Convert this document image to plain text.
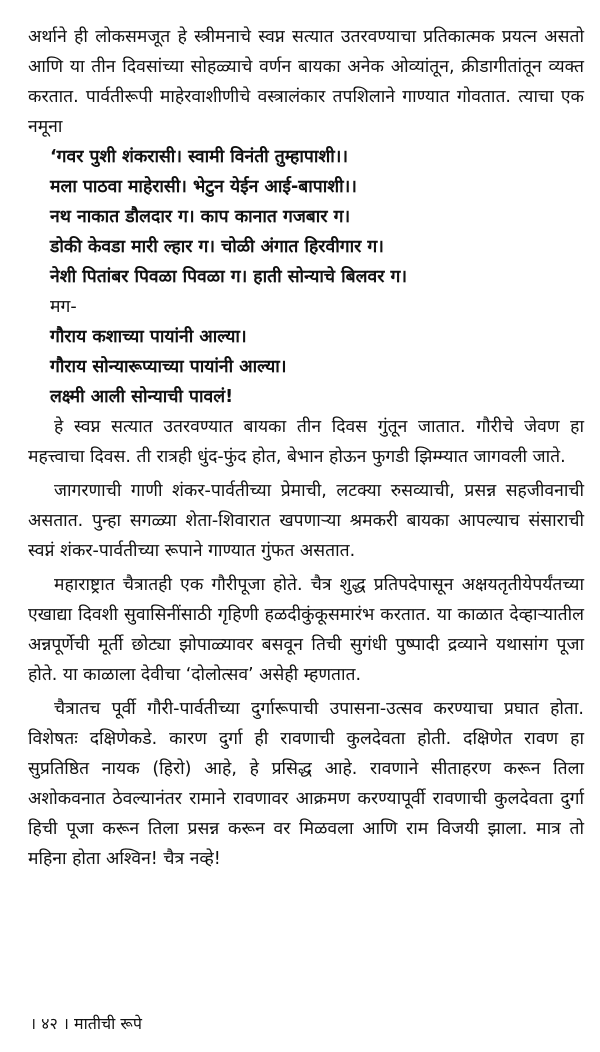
अर्थाने ही लोकसमजूत हे स्त्रीमनाचे स्वप्न सत्यात उतरवण्याचा प्रतिकात्मक प्रयत्न असतो आणि या तीन दिवसांच्या सोहळ्याचे वर्णन बायका अनेक ओव्यांतून, क्रीडागीतांतून व्यक्त करतात. पार्वतीरूपी माहेरवाशीणीचे वस्त्रालंकार तपशिलाने गाण्यात गोवतात. त्याचा एक नमूना

‘गवर पुशी शंकरासी। स्वामी विनंती तुम्हापाशी।।

मला पाठवा माहेरासी। भेटुन येईन आई-बापाशी।।

नथ नाकात डौलदार ग। काप कानात गजबार ग।

डोकी केवडा मारी ल्हार ग। चोळी अंगात हिरवीगार ग।

नेशी पितांबर पिवळा पिवळा ग। हाती सोन्याचे बिलवर ग।

मग-

गौराय कशाच्या पायांनी आल्या।

गौराय सोन्यारूप्याच्या पायांनी आल्या।

लक्ष्मी आली सोन्याची पावलं!

हे स्वप्न सत्यात उतरवण्यात बायका तीन दिवस गुंतून जातात. गौरीचे जेवण हा महत्त्वाचा दिवस. ती रात्रही धुंद-फुंद होत, बेभान होऊन फुगडी झिम्म्यात जागवली जाते.

जागरणाची गाणी शंकर-पार्वतीच्या प्रेमाची, लटक्या रुसव्याची, प्रसन्न सहजीवनाची असतात. पुन्हा सगळ्या शेता-शिवारात खपणाऱ्या श्रमकरी बायका आपल्याच संसाराची स्वप्नं शंकर-पार्वतीच्या रूपाने गाण्यात गुंफत असतात.

महाराष्ट्रात चैत्रातही एक गौरीपूजा होते. चैत्र शुद्ध प्रतिपदेपासून अक्षयतृतीयेपर्यंतच्या एखाद्या दिवशी सुवासिनींसाठी गृहिणी हळदीकुंकूसमारंभ करतात. या काळात देव्हाऱ्यातील अन्नपूर्णेची मूर्ती छोट्या झोपाळ्यावर बसवून तिची सुगंधी पुष्पादी द्रव्याने यथासांग पूजा होते. या काळाला देवीचा ‘दोलोत्सव’ असेही म्हणतात.

चैत्रातच पूर्वी गौरी-पार्वतीच्या दुर्गारूपाची उपासना-उत्सव करण्याचा प्रघात होता. विशेषतः दक्षिणेकडे. कारण दुर्गा ही रावणाची कुलदेवता होती. दक्षिणेत रावण हा सुप्रतिष्ठित नायक (हिरो) आहे, हे प्रसिद्ध आहे. रावणाने सीताहरण करून तिला अशोकवनात ठेवल्यानंतर रामाने रावणावर आक्रमण करण्यापूर्वी रावणाची कुलदेवता दुर्गा हिची पूजा करून तिला प्रसन्न करून वर मिळवला आणि राम विजयी झाला. मात्र तो महिना होता अश्विन! चैत्र नव्हे!

। ४२ । मातीची रूपे
